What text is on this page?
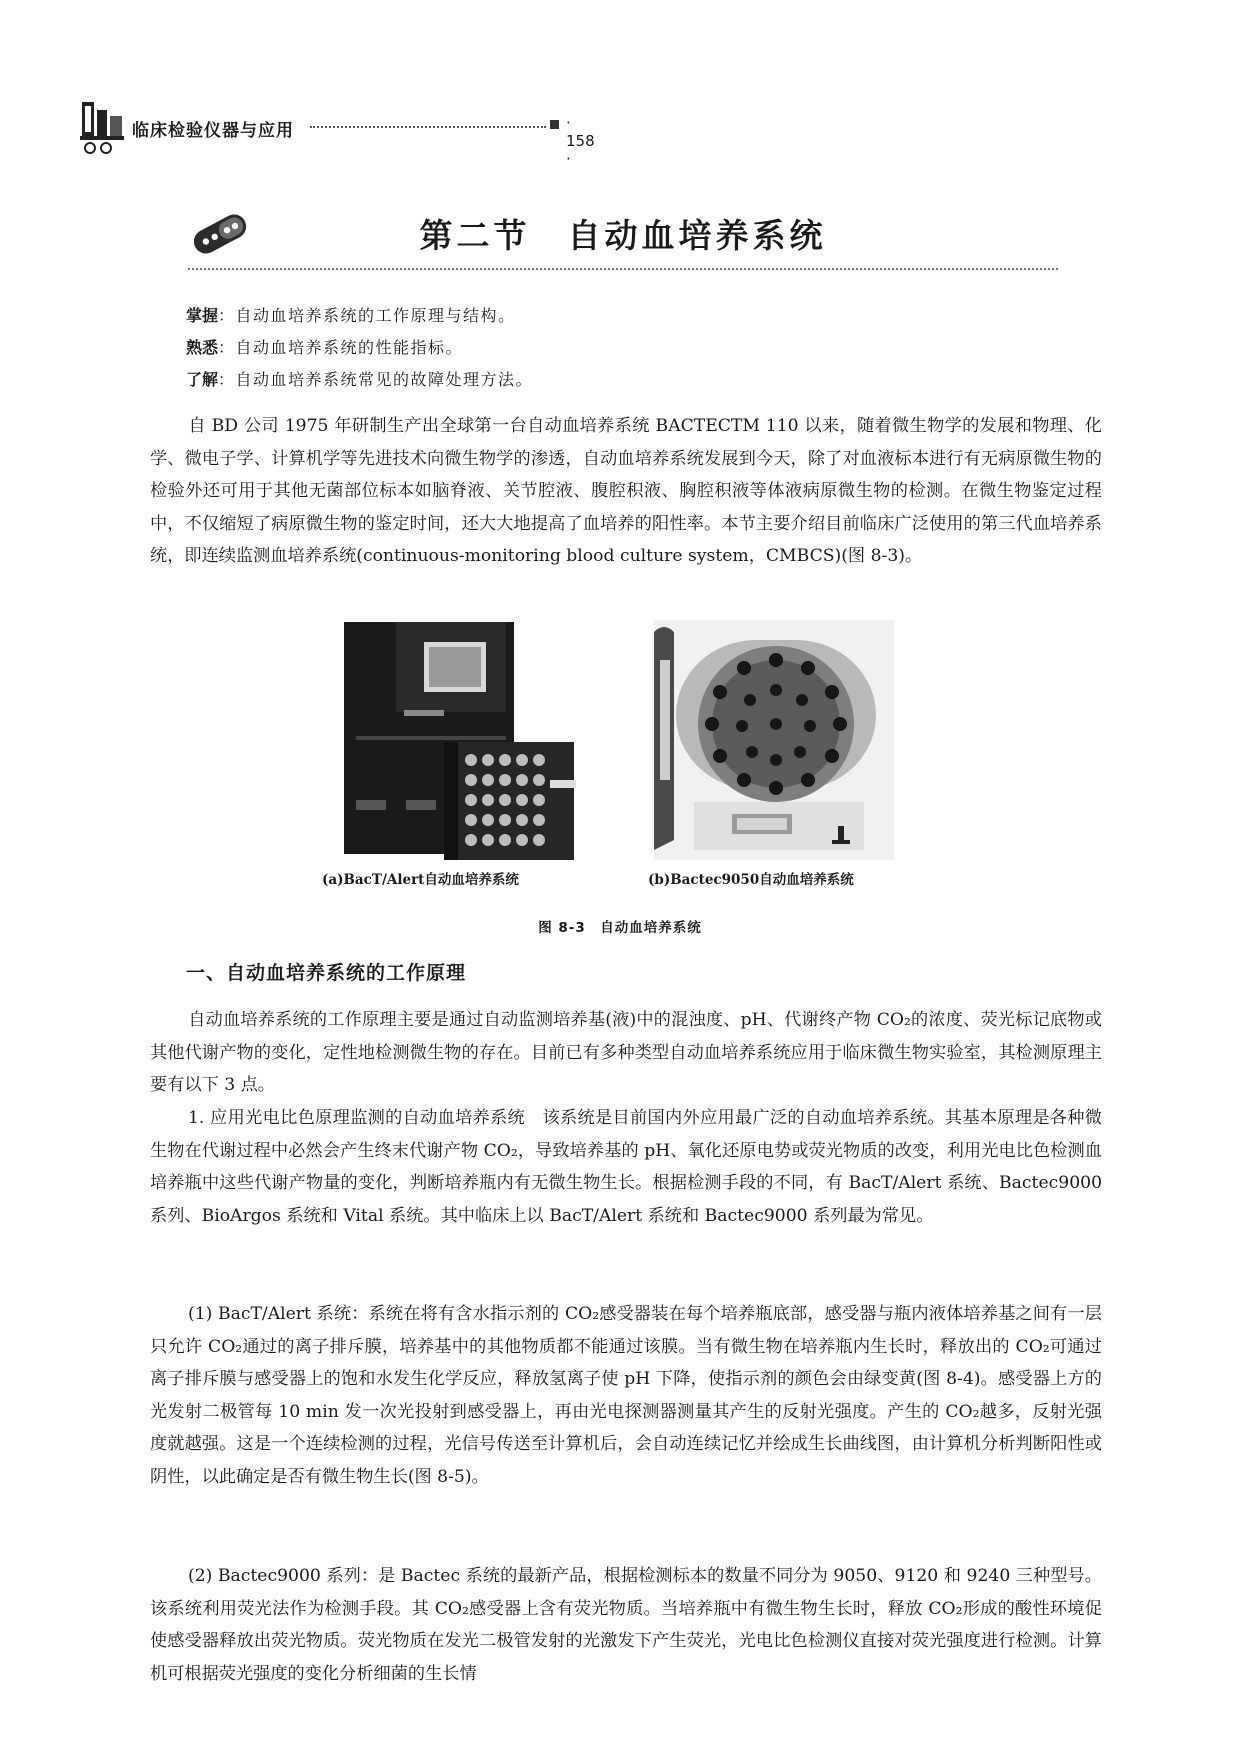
临床检验仪器与应用	· 158 ·
第二节　自动血培养系统
掌握：自动血培养系统的工作原理与结构。
熟悉：自动血培养系统的性能指标。
了解：自动血培养系统常见的故障处理方法。

自 BD 公司 1975 年研制生产出全球第一台自动血培养系统 BACTECTM 110 以来，随着微生物学的发展和物理、化学、微电子学、计算机学等先进技术向微生物学的渗透，自动血培养系统发展到今天，除了对血液标本进行有无病原微生物的检验外还可用于其他无菌部位标本如脑脊液、关节腔液、腹腔积液、胸腔积液等体液病原微生物的检测。在微生物鉴定过程中，不仅缩短了病原微生物的鉴定时间，还大大地提高了血培养的阳性率。本节主要介绍目前临床广泛使用的第三代血培养系统，即连续监测血培养系统(continuous-monitoring blood culture system，CMBCS)(图 8-3)。

(a)BacT/Alert自动血培养系统	(b)Bactec9050自动血培养系统
图 8-3　自动血培养系统
一、自动血培养系统的工作原理

自动血培养系统的工作原理主要是通过自动监测培养基(液)中的混浊度、pH、代谢终产物 CO₂的浓度、荧光标记底物或其他代谢产物的变化，定性地检测微生物的存在。目前已有多种类型自动血培养系统应用于临床微生物实验室，其检测原理主要有以下 3 点。

1. 应用光电比色原理监测的自动血培养系统　该系统是目前国内外应用最广泛的自动血培养系统。其基本原理是各种微生物在代谢过程中必然会产生终末代谢产物 CO₂，导致培养基的 pH、氧化还原电势或荧光物质的改变，利用光电比色检测血培养瓶中这些代谢产物量的变化，判断培养瓶内有无微生物生长。根据检测手段的不同，有 BacT/Alert 系统、Bactec9000 系列、BioArgos 系统和 Vital 系统。其中临床上以 BacT/Alert 系统和 Bactec9000 系列最为常见。

(1) BacT/Alert 系统：系统在将有含水指示剂的 CO₂感受器装在每个培养瓶底部，感受器与瓶内液体培养基之间有一层只允许 CO₂通过的离子排斥膜，培养基中的其他物质都不能通过该膜。当有微生物在培养瓶内生长时，释放出的 CO₂可通过离子排斥膜与感受器上的饱和水发生化学反应，释放氢离子使 pH 下降，使指示剂的颜色会由绿变黄(图 8-4)。感受器上方的光发射二极管每 10 min 发一次光投射到感受器上，再由光电探测器测量其产生的反射光强度。产生的 CO₂越多，反射光强度就越强。这是一个连续检测的过程，光信号传送至计算机后，会自动连续记忆并绘成生长曲线图，由计算机分析判断阳性或阴性，以此确定是否有微生物生长(图 8-5)。

(2) Bactec9000 系列：是 Bactec 系统的最新产品，根据检测标本的数量不同分为 9050、9120 和 9240 三种型号。该系统利用荧光法作为检测手段。其 CO₂感受器上含有荧光物质。当培养瓶中有微生物生长时，释放 CO₂形成的酸性环境促使感受器释放出荧光物质。荧光物质在发光二极管发射的光激发下产生荧光，光电比色检测仪直接对荧光强度进行检测。计算机可根据荧光强度的变化分析细菌的生长情
